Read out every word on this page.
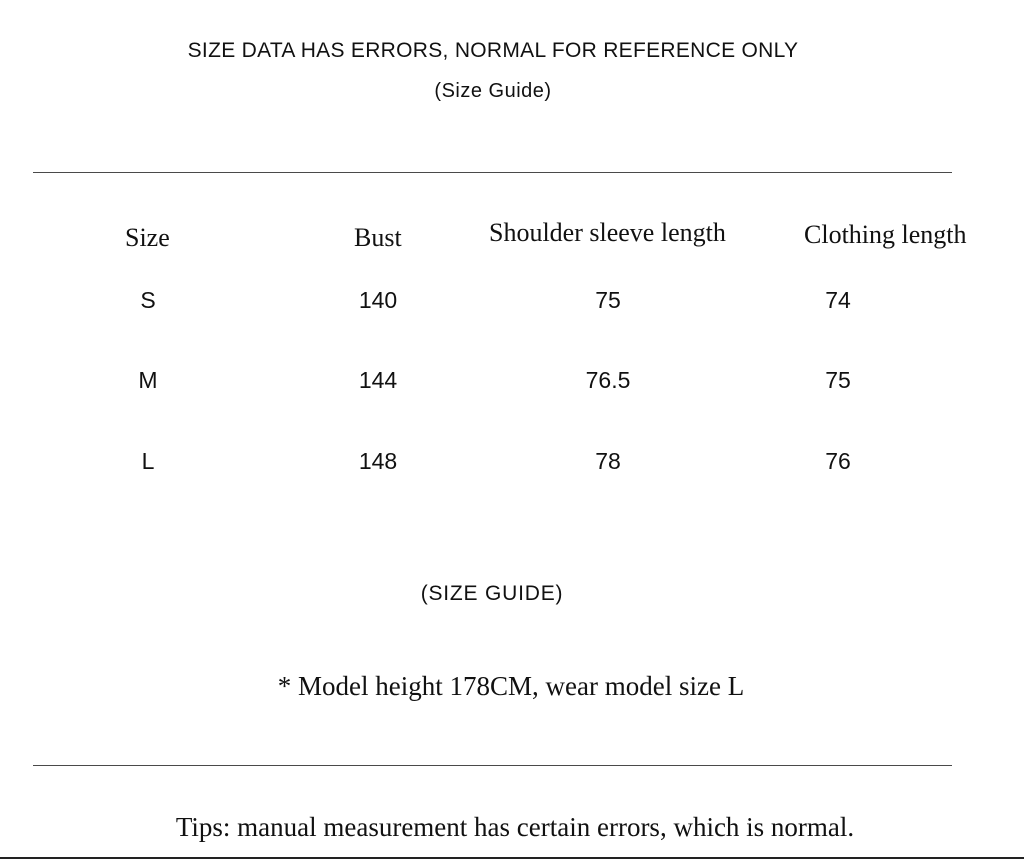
SIZE DATA HAS ERRORS, NORMAL FOR REFERENCE ONLY
(Size Guide)
Size	Bust	Shoulder sleeve length	Clothing length
S	140	75	74
M	144	76.5	75
L	148	78	76
(SIZE GUIDE)
* Model height 178CM, wear model size L
Tips: manual measurement has certain errors, which is normal.
